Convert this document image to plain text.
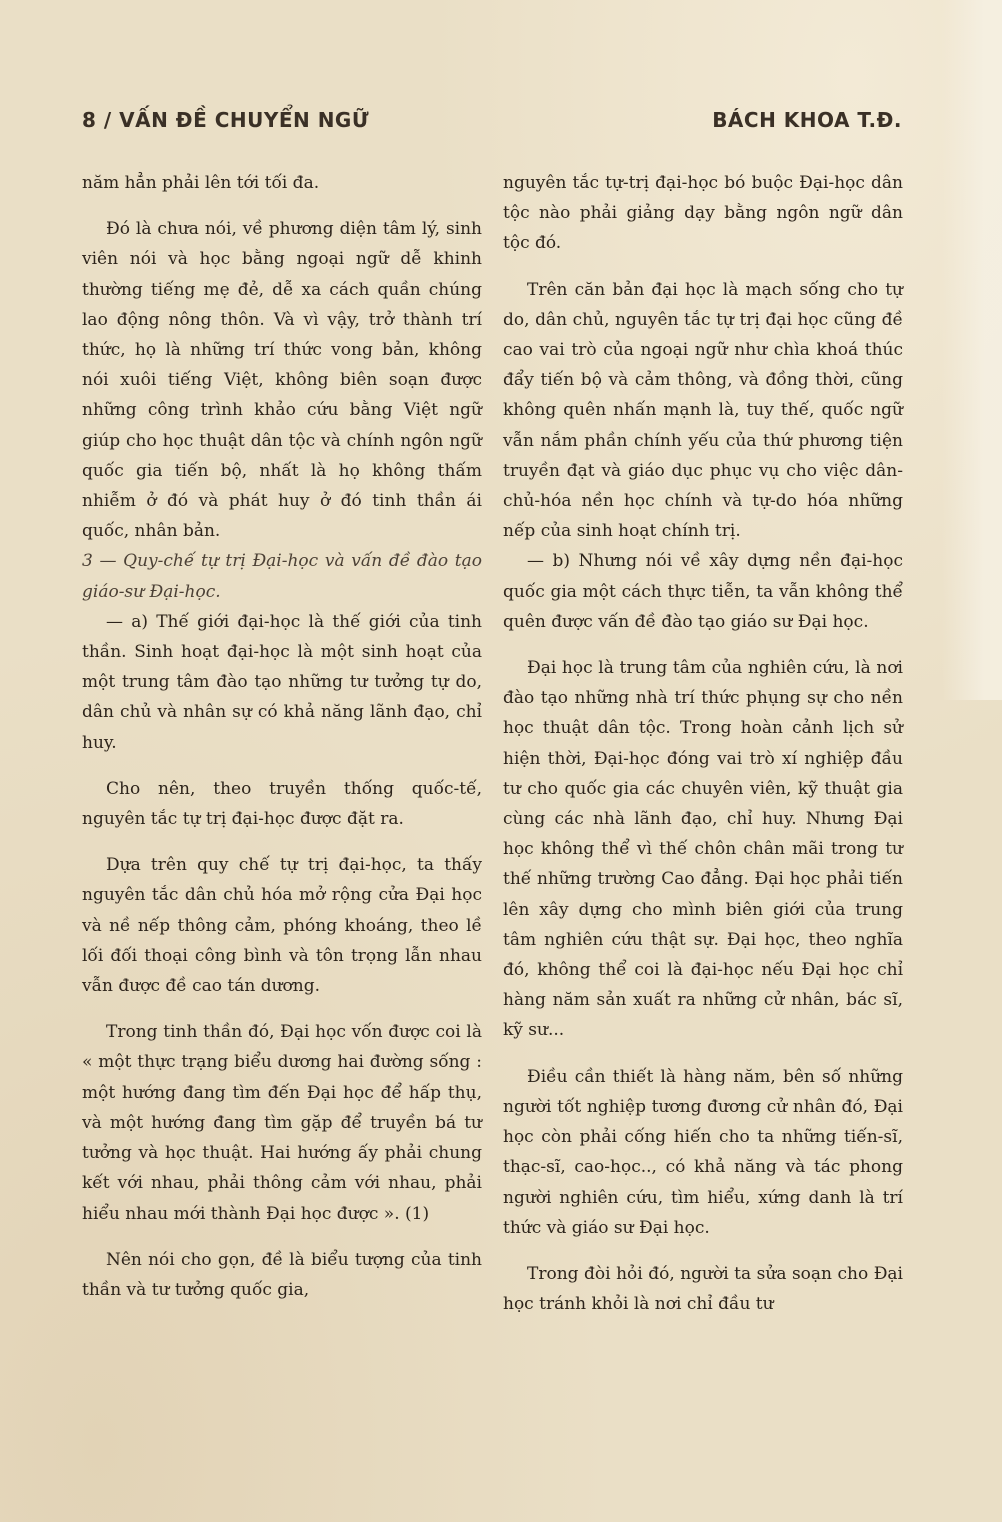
8 / VẤN ĐỀ CHUYỂN NGỮ	BÁCH KHOA T.Đ.

năm hẳn phải lên tới tối đa.

Đó là chưa nói, về phương diện tâm lý, sinh viên nói và học bằng ngoại ngữ dễ khinh thường tiếng mẹ đẻ, dễ xa cách quần chúng lao động nông thôn. Và vì vậy, trở thành trí thức, họ là những trí thức vong bản, không nói xuôi tiếng Việt, không biên soạn được những công trình khảo cứu bằng Việt ngữ giúp cho học thuật dân tộc và chính ngôn ngữ quốc gia tiến bộ, nhất là họ không thấm nhiễm ở đó và phát huy ở đó tinh thần ái quốc, nhân bản.

3 — Quy-chế tự trị Đại-học và vấn đề đào tạo giáo-sư Đại-học.

— a) Thế giới đại-học là thế giới của tinh thần. Sinh hoạt đại-học là một sinh hoạt của một trung tâm đào tạo những tư tưởng tự do, dân chủ và nhân sự có khả năng lãnh đạo, chỉ huy.

Cho nên, theo truyền thống quốc-tế, nguyên tắc tự trị đại-học được đặt ra.

Dựa trên quy chế tự trị đại-học, ta thấy nguyên tắc dân chủ hóa mở rộng cửa Đại học và nề nếp thông cảm, phóng khoáng, theo lề lối đối thoại công bình và tôn trọng lẫn nhau vẫn được đề cao tán dương.

Trong tinh thần đó, Đại học vốn được coi là « một thực trạng biểu dương hai đường sống : một hướng đang tìm đến Đại học để hấp thụ, và một hướng đang tìm gặp để truyền bá tư tưởng và học thuật. Hai hướng ấy phải chung kết với nhau, phải thông cảm với nhau, phải hiểu nhau mới thành Đại học được ». (1)

Nên nói cho gọn, đề là biểu tượng của tinh thần và tư tưởng quốc gia,

nguyên tắc tự-trị đại-học bó buộc Đại-học dân tộc nào phải giảng dạy bằng ngôn ngữ dân tộc đó.

Trên căn bản đại học là mạch sống cho tự do, dân chủ, nguyên tắc tự trị đại học cũng đề cao vai trò của ngoại ngữ như chìa khoá thúc đẩy tiến bộ và cảm thông, và đồng thời, cũng không quên nhấn mạnh là, tuy thế, quốc ngữ vẫn nắm phần chính yếu của thứ phương tiện truyền đạt và giáo dục phục vụ cho việc dân-chủ-hóa nền học chính và tự-do hóa những nếp của sinh hoạt chính trị.

— b) Nhưng nói về xây dựng nền đại-học quốc gia một cách thực tiễn, ta vẫn không thể quên được vấn đề đào tạo giáo sư Đại học.

Đại học là trung tâm của nghiên cứu, là nơi đào tạo những nhà trí thức phụng sự cho nền học thuật dân tộc. Trong hoàn cảnh lịch sử hiện thời, Đại-học đóng vai trò xí nghiệp đầu tư cho quốc gia các chuyên viên, kỹ thuật gia cùng các nhà lãnh đạo, chỉ huy. Nhưng Đại học không thể vì thế chôn chân mãi trong tư thế những trường Cao đẳng. Đại học phải tiến lên xây dựng cho mình biên giới của trung tâm nghiên cứu thật sự. Đại học, theo nghĩa đó, không thể coi là đại-học nếu Đại học chỉ hàng năm sản xuất ra những cử nhân, bác sĩ, kỹ sư...

Điều cần thiết là hàng năm, bên số những người tốt nghiệp tương đương cử nhân đó, Đại học còn phải cống hiến cho ta những tiến-sĩ, thạc-sĩ, cao-học.., có khả năng và tác phong người nghiên cứu, tìm hiểu, xứng danh là trí thức và giáo sư Đại học.

Trong đòi hỏi đó, người ta sửa soạn cho Đại học tránh khỏi là nơi chỉ đầu tư
